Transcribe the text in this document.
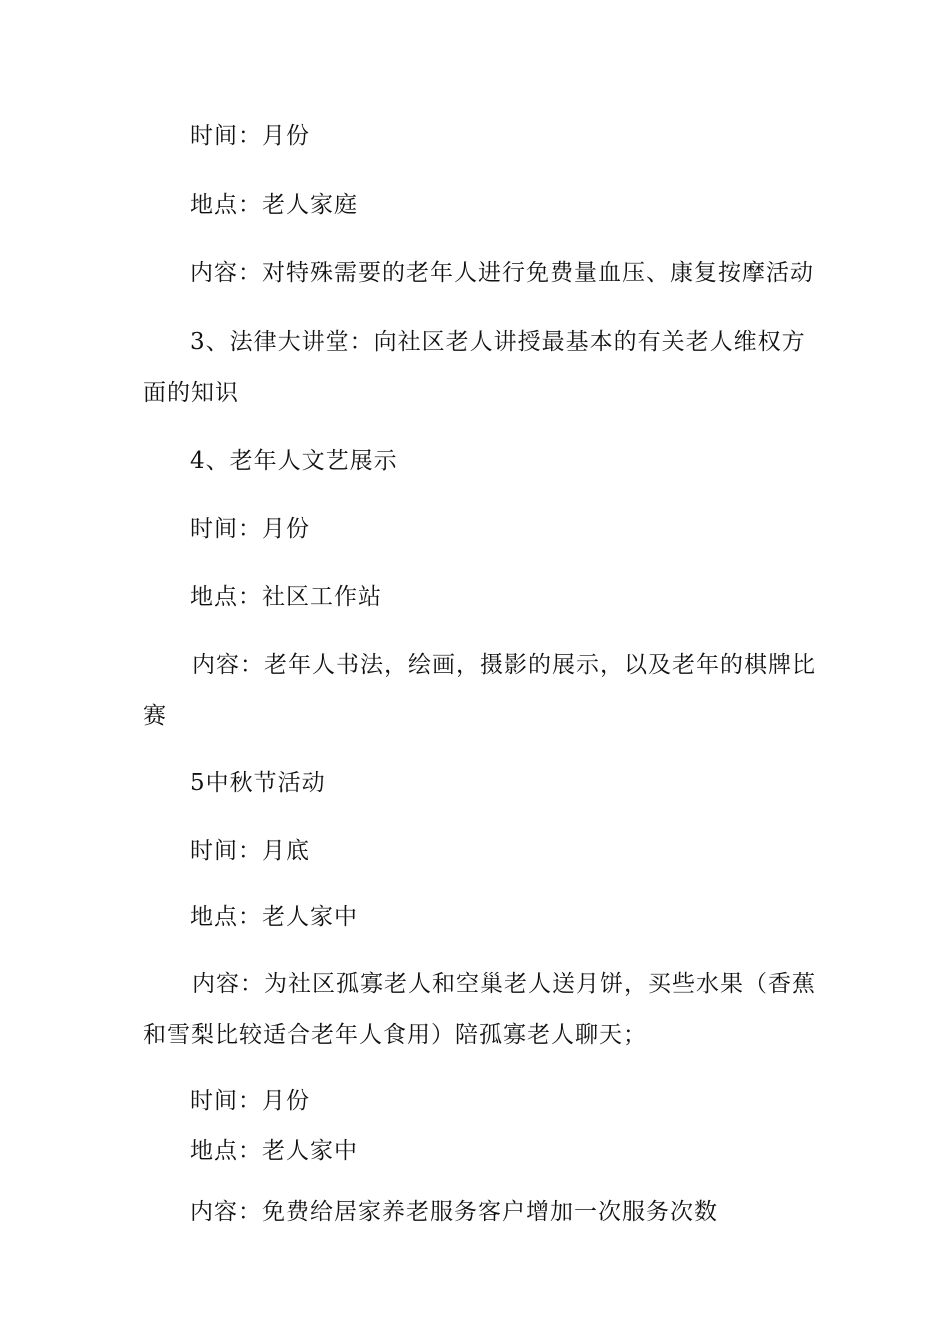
时间：月份
地点：老人家庭
内容：对特殊需要的老年人进行免费量血压、康复按摩活动
3、法律大讲堂：向社区老人讲授最基本的有关老人维权方
面的知识
4、老年人文艺展示
时间：月份
地点：社区工作站
内容：老年人书法，绘画，摄影的展示，以及老年的棋牌比
赛
5中秋节活动
时间：月底
地点：老人家中
内容：为社区孤寡老人和空巢老人送月饼，买些水果（香蕉
和雪梨比较适合老年人食用）陪孤寡老人聊天；
时间：月份
地点：老人家中
内容：免费给居家养老服务客户增加一次服务次数
